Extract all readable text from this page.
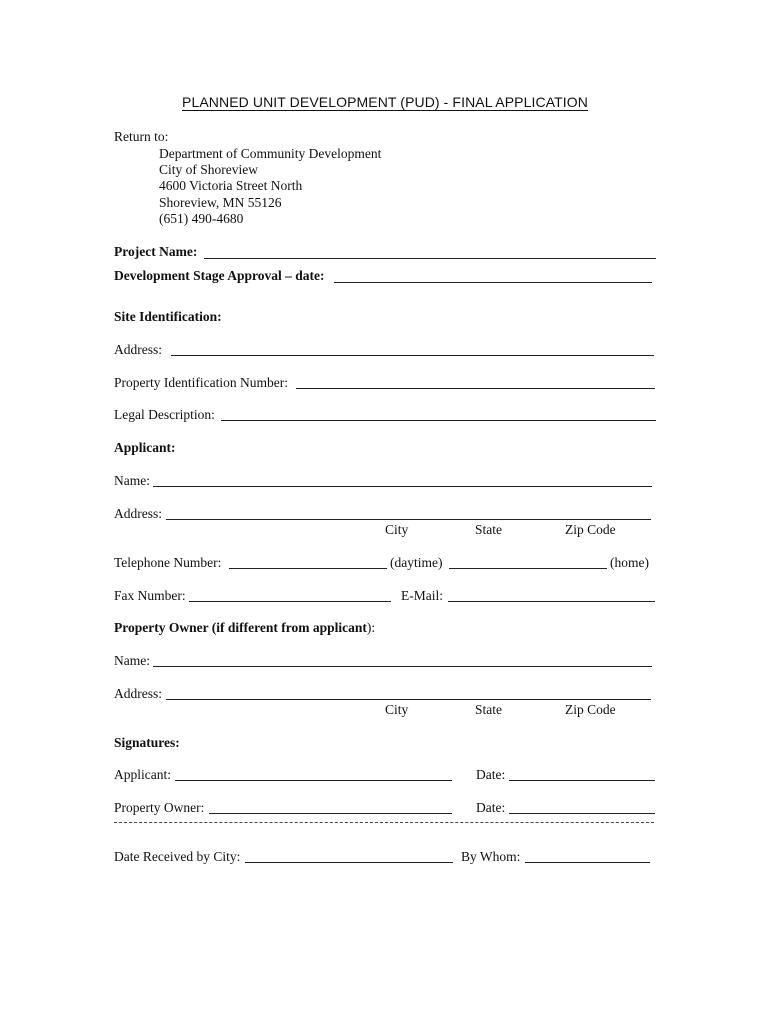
PLANNED UNIT DEVELOPMENT (PUD) - FINAL APPLICATION
Return to:
Department of Community Development
City of Shoreview
4600 Victoria Street North
Shoreview, MN 55126
(651) 490-4680
Project Name:
Development Stage Approval – date:
Site Identification:
Address:
Property Identification Number:
Legal Description:
Applicant:
Name:
Address:
City	State	Zip Code
Telephone Number:	(daytime)	(home)
Fax Number:	E-Mail:
Property Owner (if different from applicant):
Name:
Address:
City	State	Zip Code
Signatures:
Applicant:	Date:
Property Owner:	Date:
Date Received by City:	By Whom:
